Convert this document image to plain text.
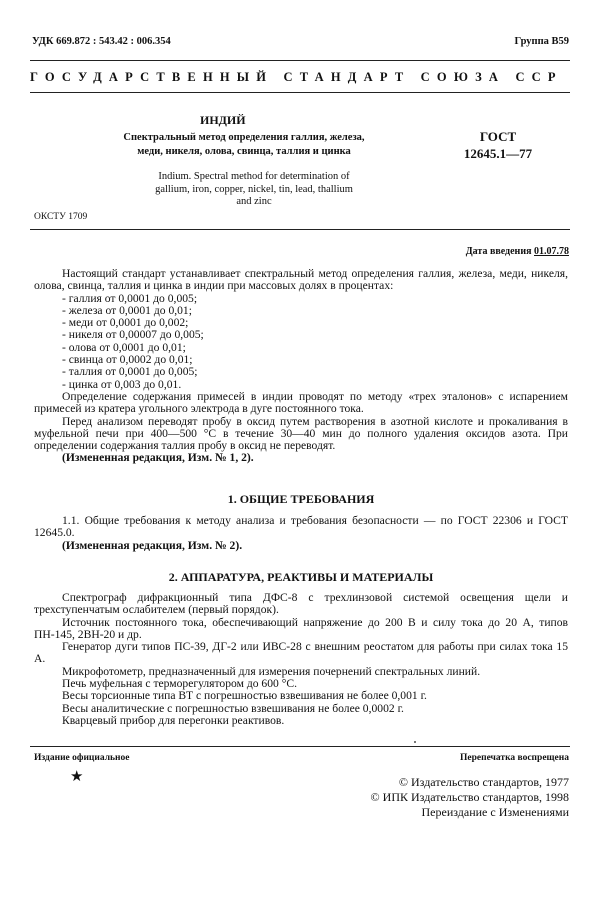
УДК 669.872 : 543.42 : 006.354	Группа В59
ГОСУДАРСТВЕННЫЙ СТАНДАРТ СОЮЗА ССР
ИНДИЙ
Спектральный метод определения галлия, железа, меди, никеля, олова, свинца, таллия и цинка
ГОСТ
12645.1—77
Indium. Spectral method for determination of gallium, iron, copper, nickel, tin, lead, thallium and zinc
ОКСТУ 1709
Дата введения 01.07.78

Настоящий стандарт устанавливает спектральный метод определения галлия, железа, меди, никеля, олова, свинца, таллия и цинка в индии при массовых долях в процентах:

- галлия от 0,0001 до 0,005;

- железа от 0,0001 до 0,01;

- меди от 0,0001 до 0,002;

- никеля от 0,00007 до 0,005;

- олова от 0,0001 до 0,01;

- свинца от 0,0002 до 0,01;

- таллия от 0,0001 до 0,005;

- цинка от 0,003 до 0,01.

Определение содержания примесей в индии проводят по методу «трех эталонов» с испарением примесей из кратера угольного электрода в дуге постоянного тока.

Перед анализом переводят пробу в оксид путем растворения в азотной кислоте и прокаливания в муфельной печи при 400—500 °С в течение 30—40 мин до полного удаления оксидов азота. При определении содержания таллия пробу в оксид не переводят.

(Измененная редакция, Изм. № 1, 2).

1. ОБЩИЕ ТРЕБОВАНИЯ

1.1. Общие требования к методу анализа и требования безопасности — по ГОСТ 22306 и ГОСТ 12645.0.

(Измененная редакция, Изм. № 2).

2. АППАРАТУРА, РЕАКТИВЫ И МАТЕРИАЛЫ

Спектрограф дифракционный типа ДФС-8 с трехлинзовой системой освещения щели и трехступенчатым ослабителем (первый порядок).

Источник постоянного тока, обеспечивающий напряжение до 200 В и силу тока до 20 А, типов ПН-145, 2ВН-20 и др.

Генератор дуги типов ПС-39, ДГ-2 или ИВС-28 с внешним реостатом для работы при силах тока 15 А.

Микрофотометр, предназначенный для измерения почернений спектральных линий.

Печь муфельная с терморегулятором до 600 °С.

Весы торсионные типа ВТ с погрешностью взвешивания не более 0,001 г.

Весы аналитические с погрешностью взвешивания не более 0,0002 г.

Кварцевый прибор для перегонки реактивов.

Издание официальное	Перепечатка воспрещена
★	© Издательство стандартов, 1977
© ИПК Издательство стандартов, 1998
Переиздание с Изменениями
